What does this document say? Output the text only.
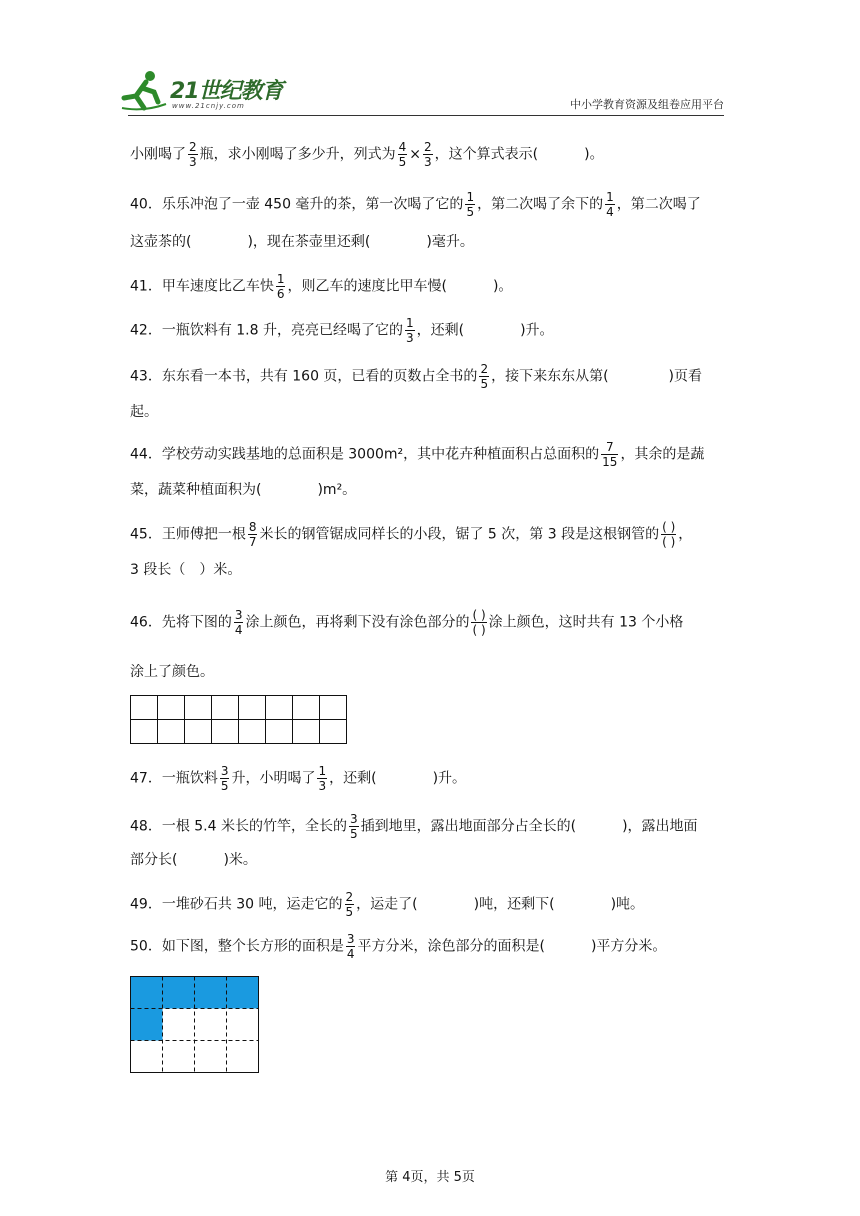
21世纪教育
www.21cnjy.com	中小学教育资源及组卷应用平台
小刚喝了 $\frac{2}{3}$ 瓶，求小刚喝了多少升，列式为 $\frac{4}{5} \times \frac{2}{3}$ ，这个算式表示(	)。
40．乐乐冲泡了一壶 450 毫升的茶，第一次喝了它的 $\frac{1}{5}$ ，第二次喝了余下的 $\frac{1}{4}$ ，第二次喝了
这壶茶的(	)，现在茶壶里还剩(	)毫升。
41．甲车速度比乙车快 $\frac{1}{6}$ ，则乙车的速度比甲车慢(	)。
42．一瓶饮料有 1.8 升，亮亮已经喝了它的 $\frac{1}{3}$ ，还剩(	)升。
43．东东看一本书，共有 160 页，已看的页数占全书的 $\frac{2}{5}$ ，接下来东东从第(	)页看
起。
44．学校劳动实践基地的总面积是 3000m²，其中花卉种植面积占总面积的 $\frac{7}{15}$ ，其余的是蔬
菜，蔬菜种植面积为(	)m²。
45．王师傅把一根 $\frac{8}{7}$ 米长的钢管锯成同样长的小段，锯了 5 次，第 3 段是这根钢管的 $\frac{( )}{( )}$ ，
3 段长（　）米。
46．先将下图的 $\frac{3}{4}$ 涂上颜色，再将剩下没有涂色部分的 $\frac{( )}{( )}$ 涂上颜色，这时共有 13 个小格
涂上了颜色。

47．一瓶饮料 $\frac{3}{5}$ 升，小明喝了 $\frac{1}{3}$ ，还剩(	)升。
48．一根 5.4 米长的竹竿，全长的 $\frac{3}{5}$ 插到地里，露出地面部分占全长的(	)，露出地面
部分长(	)米。
49．一堆砂石共 30 吨，运走它的 $\frac{2}{5}$ ，运走了(	)吨，还剩下(	)吨。
50．如下图，整个长方形的面积是 $\frac{3}{4}$ 平方分米，涂色部分的面积是(	)平方分米。
第 4页，共 5页
